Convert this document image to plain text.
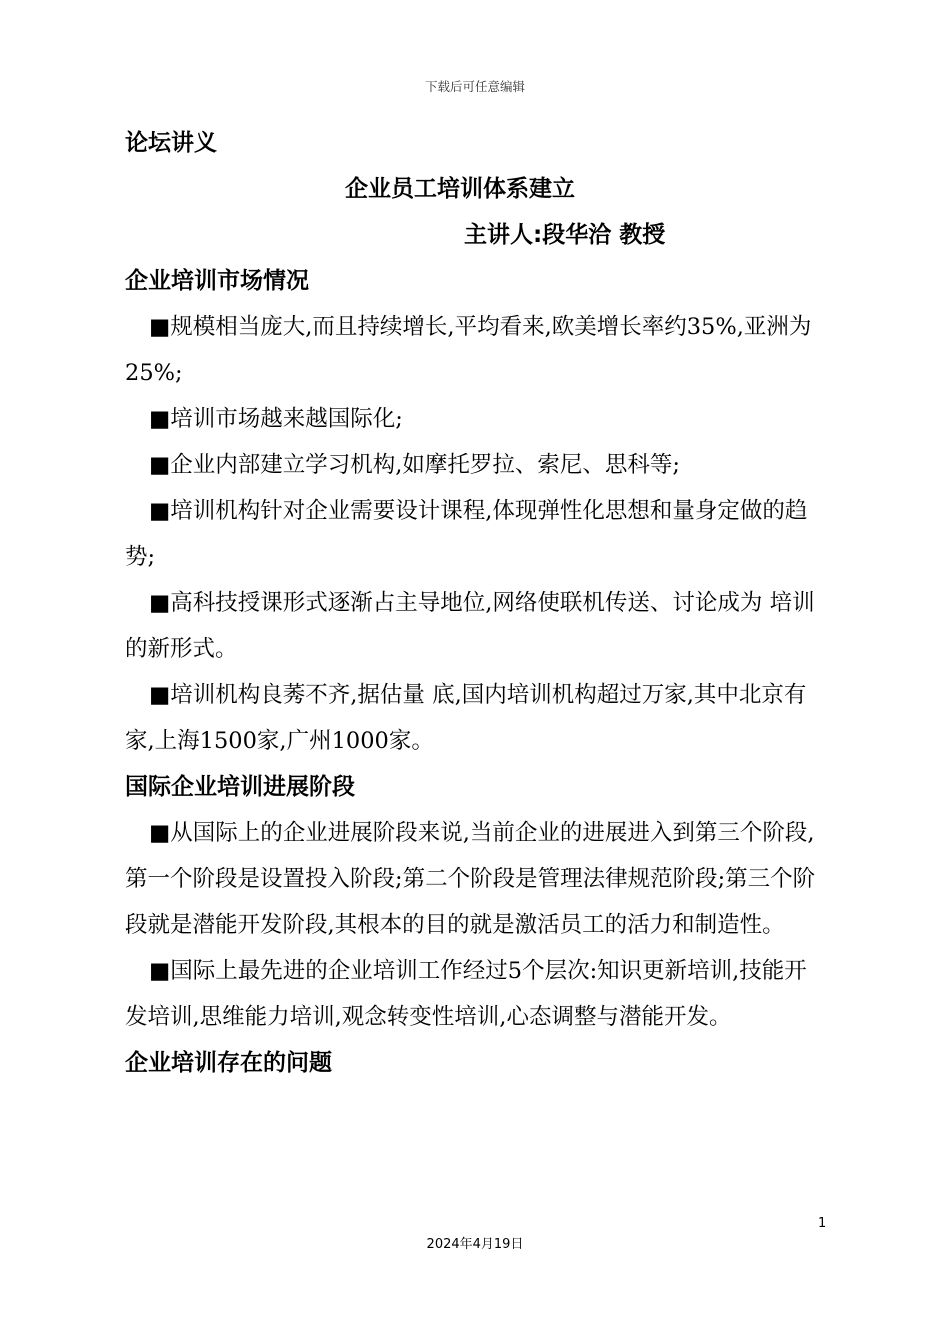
下载后可任意编辑
论坛讲义
企业员工培训体系建立
主讲人:段华洽 教授
企业培训市场情况

■规模相当庞大,而且持续增长,平均看来,欧美增长率约35%,亚洲为25%;

■培训市场越来越国际化;

■企业内部建立学习机构,如摩托罗拉、索尼、思科等;

■培训机构针对企业需要设计课程,体现弹性化思想和量身定做的趋势;

■高科技授课形式逐渐占主导地位,网络使联机传送、讨论成为 培训的新形式。

■培训机构良莠不齐,据估量 底,国内培训机构超过万家,其中北京有 家,上海1500家,广州1000家。

国际企业培训进展阶段

■从国际上的企业进展阶段来说,当前企业的进展进入到第三个阶段,第一个阶段是设置投入阶段;第二个阶段是管理法律规范阶段;第三个阶段就是潜能开发阶段,其根本的目的就是激活员工的活力和制造性。

■国际上最先进的企业培训工作经过5个层次:知识更新培训,技能开发培训,思维能力培训,观念转变性培训,心态调整与潜能开发。

企业培训存在的问题
1
2024年4月19日
